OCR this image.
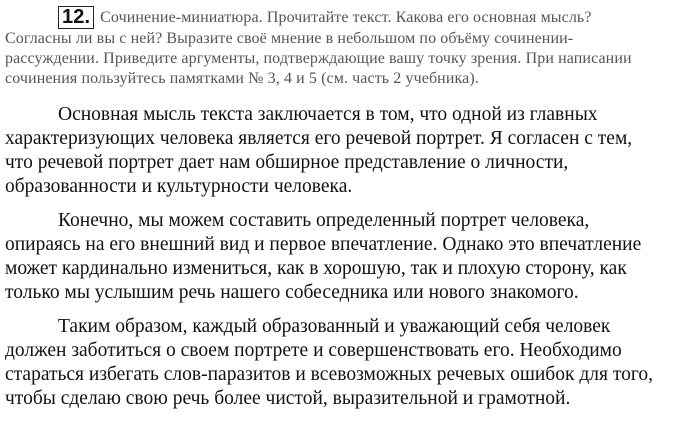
12. Сочинение-миниатюра. Прочитайте текст. Какова его основная мысль?
Согласны ли вы с ней? Выразите своё мнение в небольшом по объёму сочинении-
рассуждении. Приведите аргументы, подтверждающие вашу точку зрения. При написании
сочинения пользуйтесь памятками № 3, 4 и 5 (см. часть 2 учебника).
Основная мысль текста заключается в том, что одной из главных
характеризующих человека является его речевой портрет. Я согласен с тем,
что речевой портрет дает нам обширное представление о личности,
образованности и культурности человека.
Конечно, мы можем составить определенный портрет человека,
опираясь на его внешний вид и первое впечатление. Однако это впечатление
может кардинально измениться, как в хорошую, так и плохую сторону, как
только мы услышим речь нашего собеседника или нового знакомого.
Таким образом, каждый образованный и уважающий себя человек
должен заботиться о своем портрете и совершенствовать его. Необходимо
стараться избегать слов-паразитов и всевозможных речевых ошибок для того,
чтобы сделаю свою речь более чистой, выразительной и грамотной.
